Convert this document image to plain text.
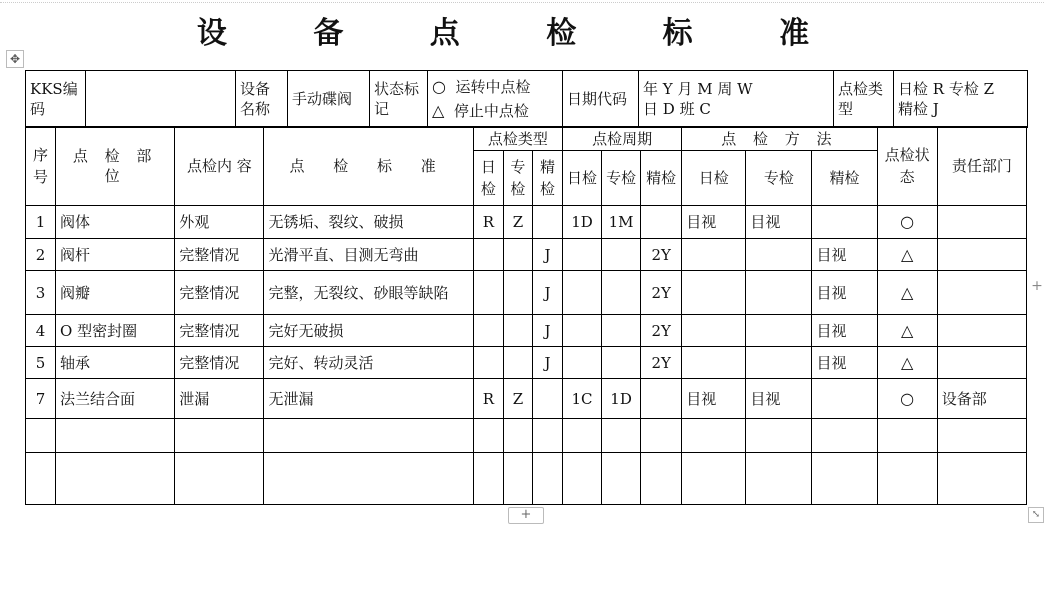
设 备 点 检 标 准
✥
KKS编码		设备名称	手动碟阀	状态标记	
○ 运转中点检
△ 停止中点检
	日期代码	
年 Y 月 M 周 W
日 D 班 C
	点检类型	
日检 R 专检 Z
精检 J
序号	点 检 部 位	点检内 容	点 检 标 准	点检类型			点检周期			点 检 方 法			点检状态	责任部门
				日检	专检	精检	日检	专检	精检	日检	专检	精检		
1	阀体	外观	无锈垢、裂纹、破损	R	Z		1D	1M		目视	目视		○	
2	阀杆	完整情况	光滑平直、目测无弯曲			J			2Y			目视	△	
3	阀瓣	完整情况	完整，无裂纹、砂眼等缺陷			J			2Y			目视	△	
4	O 型密封圈	完整情况	完好无破损			J			2Y			目视	△	
5	轴承	完整情况	完好、转动灵活			J			2Y			目视	△	
7	法兰结合面	泄漏	无泄漏	R	Z		1C	1D		目视	目视		○	设备部

+
+	⤡
